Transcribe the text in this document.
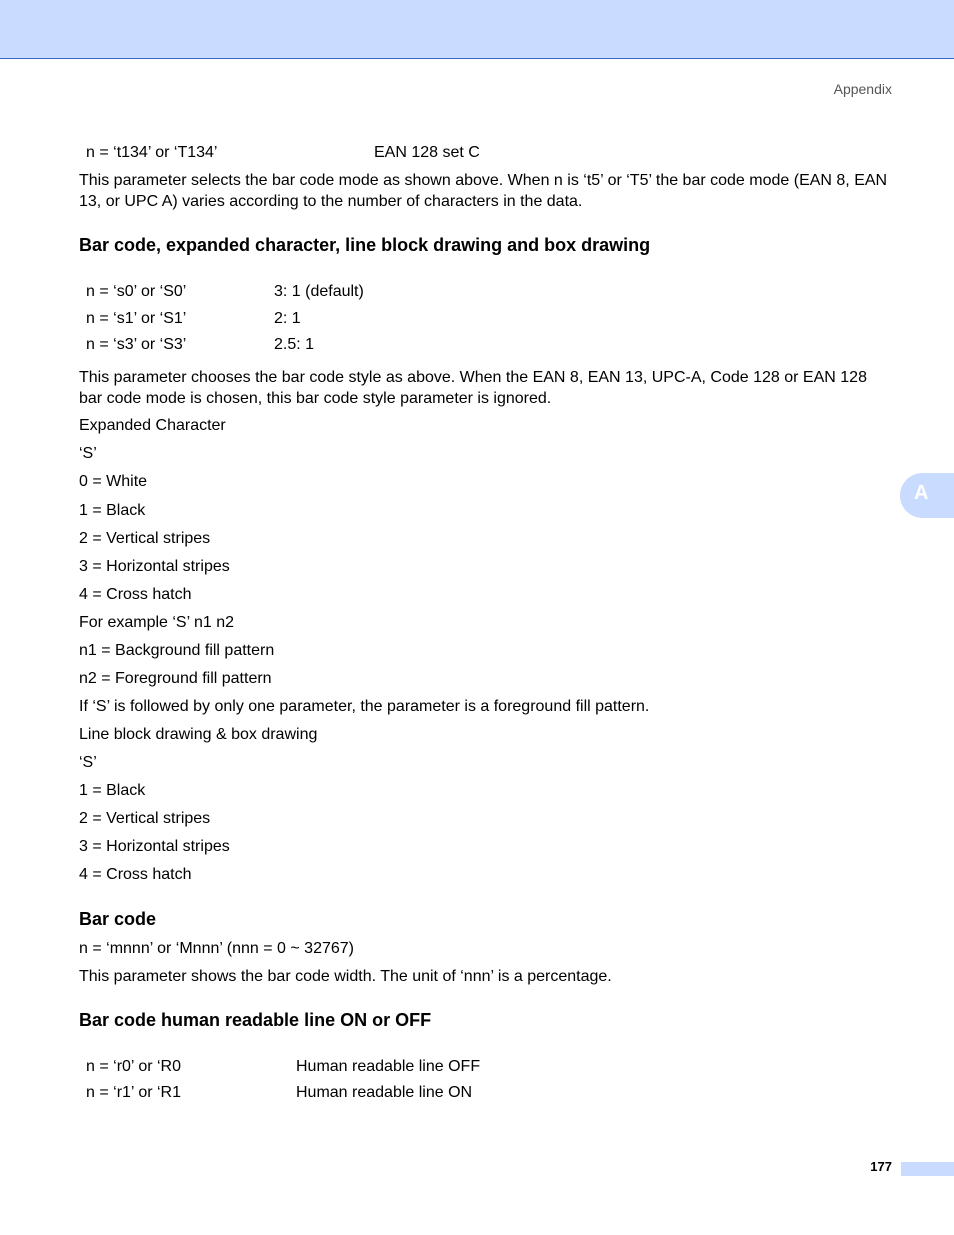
Appendix
A
n = ‘t134’ or ‘T134’	EAN 128 set C
This parameter selects the bar code mode as shown above. When n is ‘t5’ or ‘T5’ the bar code mode (EAN 8, EAN 13, or UPC A) varies according to the number of characters in the data.
Bar code, expanded character, line block drawing and box drawing
n = ‘s0’ or ‘S0’	3: 1 (default)
n = ‘s1’ or ‘S1’	2: 1
n = ‘s3’ or ‘S3’	2.5: 1
This parameter chooses the bar code style as above. When the EAN 8, EAN 13, UPC-A, Code 128 or EAN 128 bar code mode is chosen, this bar code style parameter is ignored.
Expanded Character
‘S’
0 = White
1 = Black
2 = Vertical stripes
3 = Horizontal stripes
4 = Cross hatch
For example ‘S’ n1 n2
n1 = Background fill pattern
n2 = Foreground fill pattern
If ‘S’ is followed by only one parameter, the parameter is a foreground fill pattern.
Line block drawing & box drawing
‘S’
1 = Black
2 = Vertical stripes
3 = Horizontal stripes
4 = Cross hatch
Bar code
n = ‘mnnn’ or ‘Mnnn’ (nnn = 0 ~ 32767)
This parameter shows the bar code width. The unit of ‘nnn’ is a percentage.
Bar code human readable line ON or OFF
n = ‘r0’ or ‘R0	Human readable line OFF
n = ‘r1’ or ‘R1	Human readable line ON
177
